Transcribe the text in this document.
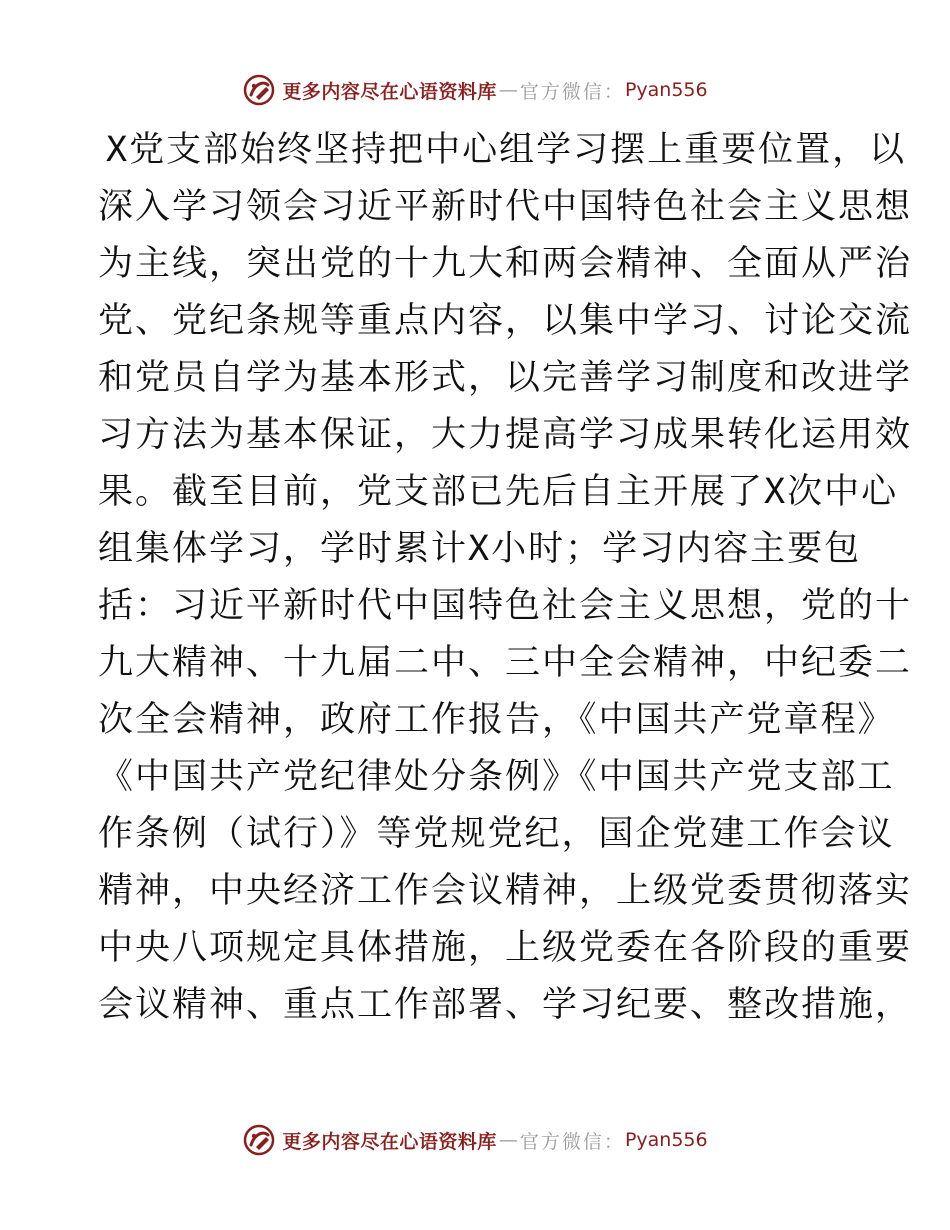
更多内容尽在心语资料库 — 官方微信： Pyan556
X党支部始终坚持把中心组学习摆上重要位置，以
深入学习领会习近平新时代中国特色社会主义思想
为主线，突出党的十九大和两会精神、全面从严治
党、党纪条规等重点内容，以集中学习、讨论交流
和党员自学为基本形式，以完善学习制度和改进学
习方法为基本保证，大力提高学习成果转化运用效
果。截至目前，党支部已先后自主开展了X次中心
组集体学习，学时累计X小时；学习内容主要包
括：习近平新时代中国特色社会主义思想，党的十
九大精神、十九届二中、三中全会精神，中纪委二
次全会精神，政府工作报告，《中国共产党章程》
《中国共产党纪律处分条例》《中国共产党支部工
作条例（试行）》等党规党纪，国企党建工作会议
精神，中央经济工作会议精神，上级党委贯彻落实
中央八项规定具体措施，上级党委在各阶段的重要
会议精神、重点工作部署、学习纪要、整改措施，
更多内容尽在心语资料库 — 官方微信： Pyan556
